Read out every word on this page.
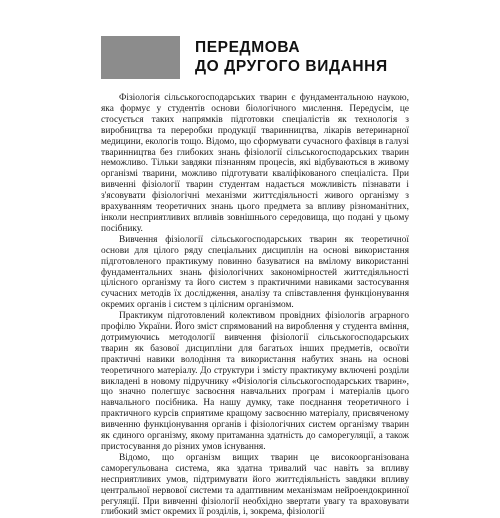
ПЕРЕДМОВА
ДО ДРУГОГО ВИДАННЯ

Фізіологія сільськогосподарських тварин є фундаментальною наукою, яка формує у студентів основи біологічного мислення. Передусім, це стосується таких напрямків підготовки спеціалістів як технологія з виробництва та переробки продукції тваринництва, лікарів ветеринарної медицини, екологів тощо. Відомо, що сформувати сучасного фахівця в галузі тваринництва без глибоких знань фізіології сільськогосподарських тварин неможливо. Тільки завдяки пізнанням процесів, які відбуваються в живому організмі тварини, можливо підготувати кваліфікованого спеціаліста. При вивченні фізіології тварин студентам надається можливість пізнавати і з'ясовувати фізіологічні механізми життєдіяльності живого організму з врахуванням теоретичних знань цього предмета за впливу різноманітних, інколи несприятливих впливів зовнішнього середовища, що подані у цьому посібнику.

Вивчення фізіології сільськогосподарських тварин як теоретичної основи для цілого ряду спеціальних дисциплін на основі використання підготовленого практикуму повинно базуватися на вмілому використанні фундаментальних знань фізіологічних закономірностей життєдіяльності цілісного організму та його систем з практичними навиками застосування сучасних методів їх дослідження, аналізу та співставлення функціонування окремих органів і систем з цілісним організмом.

Практикум підготовлений колективом провідних фізіологів аграрного профілю України. Його зміст спрямований на вироблення у студента вміння, дотримуючись методології вивчення фізіології сільськогосподарських тварин як базової дисципліни для багатьох інших предметів, освоїти практичні навики володіння та використання набутих знань на основі теоретичного матеріалу. До структури і змісту практикуму включені розділи викладені в новому підручнику «Фізіологія сільськогосподарських тварин», що значно полегшує засвоєння навчальних програм і матеріалів цього навчального посібника. На нашу думку, таке поєднання теоретичного і практичного курсів сприятиме кращому засвоєнню матеріалу, присвяченому вивченню функціонування органів і фізіологічних систем організму тварин як єдиного організму, якому притаманна здатність до саморегуляції, а також пристосування до різних умов існування.

Відомо, що організм вищих тварин це високоорганізована саморегульована система, яка здатна тривалий час навіть за впливу несприятливих умов, підтримувати його життєдіяльність завдяки впливу центральної нервової системи та адаптивним механізмам нейроендокринної регуляції. При вивченні фізіології необхідно звертати увагу та враховувати глибокий зміст окремих її розділів, і, зокрема, фізіології
